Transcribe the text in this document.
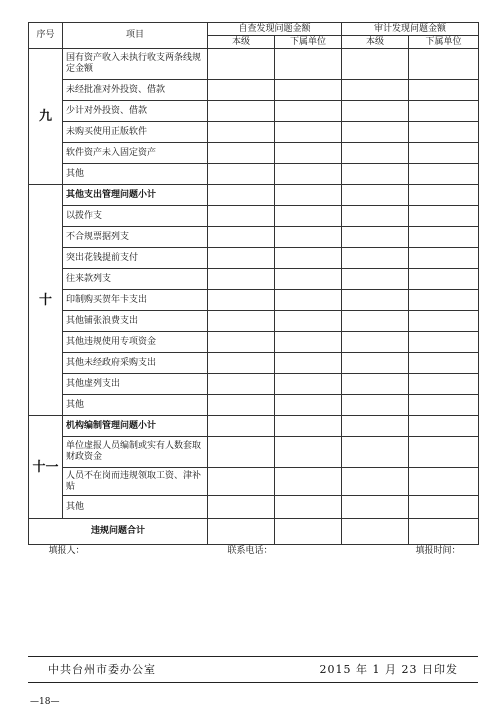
序号	项目	自查发现问题金额		审计发现问题金额	
		本级	下属单位	本级	下属单位
九	国有资产收入未执行收支两条线规定金额				
	未经批准对外投资、借款				
	少计对外投资、借款				
	未购买使用正版软件				
	软件资产未入固定资产				
	其他				
十	其他支出管理问题小计				
	以拨作支				
	不合规票据列支				
	突出花钱提前支付				
	往来款列支				
	印制购买贺年卡支出				
	其他铺张浪费支出				
	其他违规使用专项资金				
	其他未经政府采购支出				
	其他虚列支出				
	其他				
十一	机构编制管理问题小计				
	单位虚报人员编制或实有人数套取财政资金				
	人员不在岗而违规领取工资、津补贴				
	其他				
违规问题合计					

填报人： 联系电话： 填报时间：					
中共台州市委办公室	2015 年 1 月 23 日印发
—18—
